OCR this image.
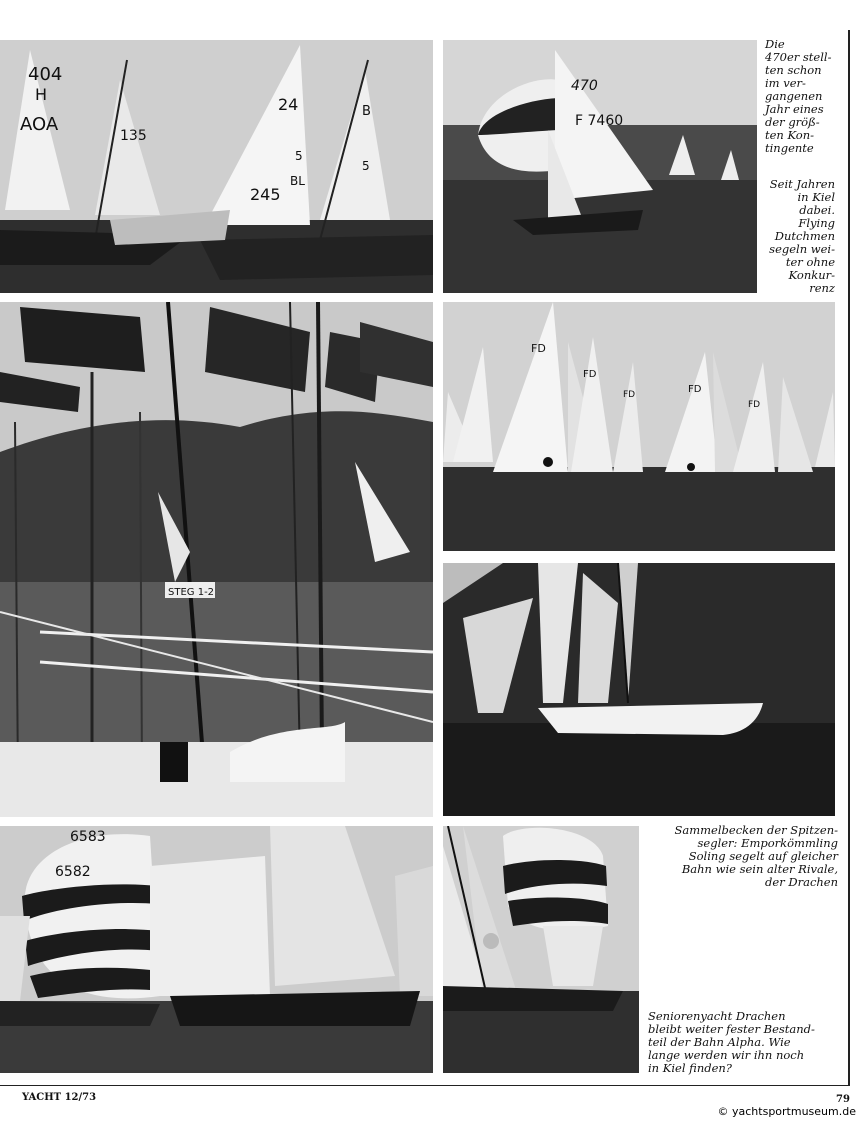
404
H
AOA
135
24
5
245
B
BL
5
470
F 7460
Die
470er stell-
ten schon
im ver-
gangenen
Jahr eines
der größ-
ten Kon-
tingente
Seit Jahren
in Kiel
dabei.
Flying
Dutchmen
segeln wei-
ter ohne
Konkur-
renz
STEG 1-2
FD
FD
FD	FD
FD
Sammelbecken der Spitzen-
segler: Emporkömmling
Soling segelt auf gleicher
Bahn wie sein alter Rivale,
der Drachen
6583
6582
Seniorenyacht Drachen
bleibt weiter fester Bestand-
teil der Bahn Alpha. Wie
lange werden wir ihn noch
in Kiel finden?
YACHT 12/73	79
© yachtsportmuseum.de
